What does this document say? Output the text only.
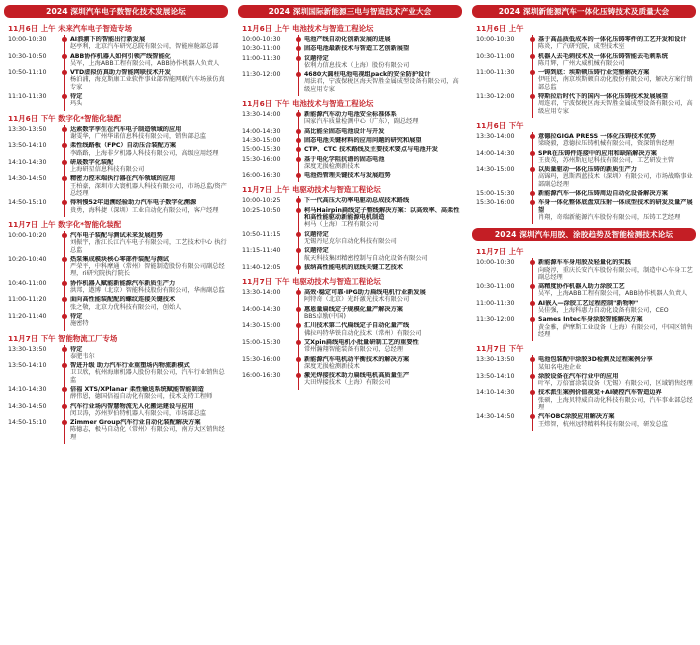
2024 深圳汽车电子数智化技术发展论坛
11月6日 上午 未来汽车电子智造专场
10:00-10:30	AI浪潮下的智能出行新发展
赵亭利，北京汽车研究总院有限公司，智能座舱部总部
10:30-10:50	ABB协作机器人如何引领产线智能化
吴军，上海ABB工程有限公司，ABB协作机器人负责人
10:50-11:10	VTD虚拟仿真助力智能网联技术开发
杨泊浦，海克斯康工业软件事业部智能网联汽车场景仿真专家
11:10-11:30	待定
玛头
11月6日 下午 数字化*智能化装配
13:30-13:50	达索数字孪生在汽车电子制造领域的应用
谢雯华，广州华诺信息科技有限公司，销售部总监
13:50-14:10	柔性线路板（FPC）自动压合装配方案
李路路，上海非夕机器人科技有限公司，高级应用经理
14:10-14:30	研晟数字化装配
上海研星信息科技有限公司
14:30-14:50	精密力控末端执行器在汽车领域的应用
王柏豪，深圳市大寰机器人科技有限公司，市场总监/资产总经理
14:50-15:10	得利慢52年追溯经验助力汽车电子数字化溯源
贵勇，海科捷（深圳）工业自动化有限公司，客户经理
11月7日 上午 数字化*智能化装配
10:00-10:20	汽车电子装配与测试未来发展趋势
刘振宇，浙江长江汽车电子有限公司，工艺技术中心 执行总监
10:20-10:40	热泵集成模块核心零部件装配与测试
严荣平，中科摩通（常州）智能制造股份有限公司副总经理，ri研究院执行院长
10:40-11:00	协作机器人赋能新能源汽车新质生产力
洪邦，遨博（北京）智能科技股份有限公司，华南副总监
11:00-11:20	面向高性能装配配的螺纹连接关键技术
张之敬，北京力优科技有限公司，创始人
11:20-11:40	待定
施密特
11月7日 下午 智能物流工厂专场
13:30-13:50	待定
泰肥韦尔
13:50-14:10	智进升级 助力汽车行业重塑场内物流新模式
卫卫欣，杭州海康机器人股份有限公司，汽车行业销售总监
14:10-14:30	倍福 XTS/XPlanar 柔性输送系统赋能智能制造
薛伟恩，德国倍福自动化有限公司，技术支持工程师
14:30-14:50	汽车行业场内智慧物流无人化搬运建设与应用
闵卫涛，苏州罗伯特机器人有限公司，市场部总监
14:50-15:10	Zimmer Group汽车行业自动化装配解决方案
陈德志，极马自动化（常州）有限公司，南方大区销售经理
2024 深圳国际新能源三电与智造技术产业大会
11月6日 上午 电池技术与智造工程论坛
10:00-10:30	电池产线自动化创新发展的进展
10:30-11:00	固态电池最新技术与智造工艺创新展望
11:00-11:30	议题待定
依利力信息技术（上海）股份有限公司
11:30-12:00	4680大圆柱电池电视组pack的安全防护设计
周法君，宁波保税区海天智胜金属成型设备有限公司，高级应用专家
11月6日 下午 电池技术与智造工程论坛
13:30-14:00	新能源汽车动力电池安全标准体系
国家汽车质量检测中心（广东），副总经理
14:00-14:30	高比能全固态电池设计与开发
14:30-15:00	固态电池关键材料的应用问题的研究和展望
15:00-15:30	CTP、CTC 技术路线及主要技术要点与电池开发
15:30-16:00	基于电化学阻抗谱的固态电池
深度无损检测新技术
16:00-16:30	电池热管理关键技术与发展趋势
11月7日 上午 电驱动技术与智造工程论坛
10:00-10:25	下一代高压大功率电驱动总成技术路线
10:25-10:50	柯马Hairpin扁线定子整线解决方案：以高效率、高柔性和高性能驱动新能源电机制造
柯马（上海）工程有限公司
10:50-11:15	议题待定
无锡丹尼克尔自动化科技有限公司
11:15-11:40	议题待定
航天科技集团精密控制与自动化设备有限公司
11:40-12:05	拔纳高性能电机的底线关键工艺技术
11月7日 下午 电驱动技术与智造工程论坛
13:30-14:00	高效·稳定可靠·IPG助力扁线电机行业新发展
阿特奇（北京）光纤激光技术有限公司
14:00-14:30	惠恩量扁线定子规模化量产解决方案
BBS卓励(中国)
14:30-15:00	汇川技术第二代扁线定子自动化量产线
佛拉玛特华铁自动化技术（常州）有限公司
15:00-15:30	艾Xpin扁线电机小批量研制工艺的重要性
常州瀚翔智能装备有限公司，总经理
15:30-16:00	新能源汽车电机动平衡技术的解决方案
深度无损检测新技术
16:00-16:30	激光焊接技术助力扁线电机高质量生产
大田焊接技术（上海）有限公司
2024 深圳新能源汽车一体化压铸技术及质量大会
11月6日 上午
10:00-10:30	基于高品质低成本的一体化压铸零件的工艺开发和设计
陈炎，广汽研究院，成型技术室
10:30-11:00	机器人去毛刺技术及一体化压铸智能去毛刺系统
陈月辉，广州大威机械有限公司
11:00-11:30	一铸到底：埃斯顿压铸行业完整解决方案
伊旺民，南京埃斯顿自动化股份有限公司，解决方案行销部总监
11:30-12:00	特斯拉后时代下的国内一体化压铸技术发展展望
周连君，宁波保税区海天智胜金属成型设备有限公司，高级应用专家
11月6日 下午
13:30-14:00	意德拉GIGA PRESS 一体化压铸技术优势
梁晓毅，意德拉压铸机械有限公司，资深销售经理
14:00-14:30	SPR在压铸件连接中的应用和缺陷解决方案
王贵英，苏州斯厄尼科技有限公司，工艺研发主管
14:30-15:00	以质量驱动一体化压铸的新质生产力
高锦玛，恩斯西蓝技术（深圳）有限公司，市场战略事业部副总经理
15:00-15:30	新能源汽车一体化压铸周边自动化设备解决方案
15:30-16:00	车身一体化整体底盘双压射一体成型技术的研发及量产展望
肖翔，奇瑞新能源汽车股份有限公司，压铸工艺经理
2024 深圳汽车用胶、涂胶趋势及智能检测技术论坛
11月7日 上午
10:00-10:30	新能源车车身用胶及轻量化的实践
向晓淳，重庆长安汽车股份有限公司，制造中心车身工艺副总经理
10:30-11:00	高精度协作机器人助力涂胶工艺
吴军，上海ABB工程有限公司，ABB协作机器人负责人
11:00-11:30	AI嵌入—涂胶工艺过程控制"新物种"
吴佳强，上海科惠力自动化设备有限公司，CEO
11:30-12:00	Sames Intec车身涂胶智能解决方案
黄金雅，萨摩斯工业设备（上海）有限公司，中国区销售经理
11月7日 下午
13:30-13:50	电池包装配中涂胶3D检测及过程案例分享
某知名电池企业
13:50-14:10	涂胶设备在汽车行业中的应用
叶军，万倍富涂装设备（无锡）有限公司，区域销售经理
14:10-14:30	技术派生案例价值视觉+AI硬控汽车智造边界
张硕，上海贝特威自动化科技有限公司，汽车事业部总经理
14:30-14:50	汽车OBC涂胶应用解决方案
王炜智，杭州远特精料科技有限公司，研发总监
